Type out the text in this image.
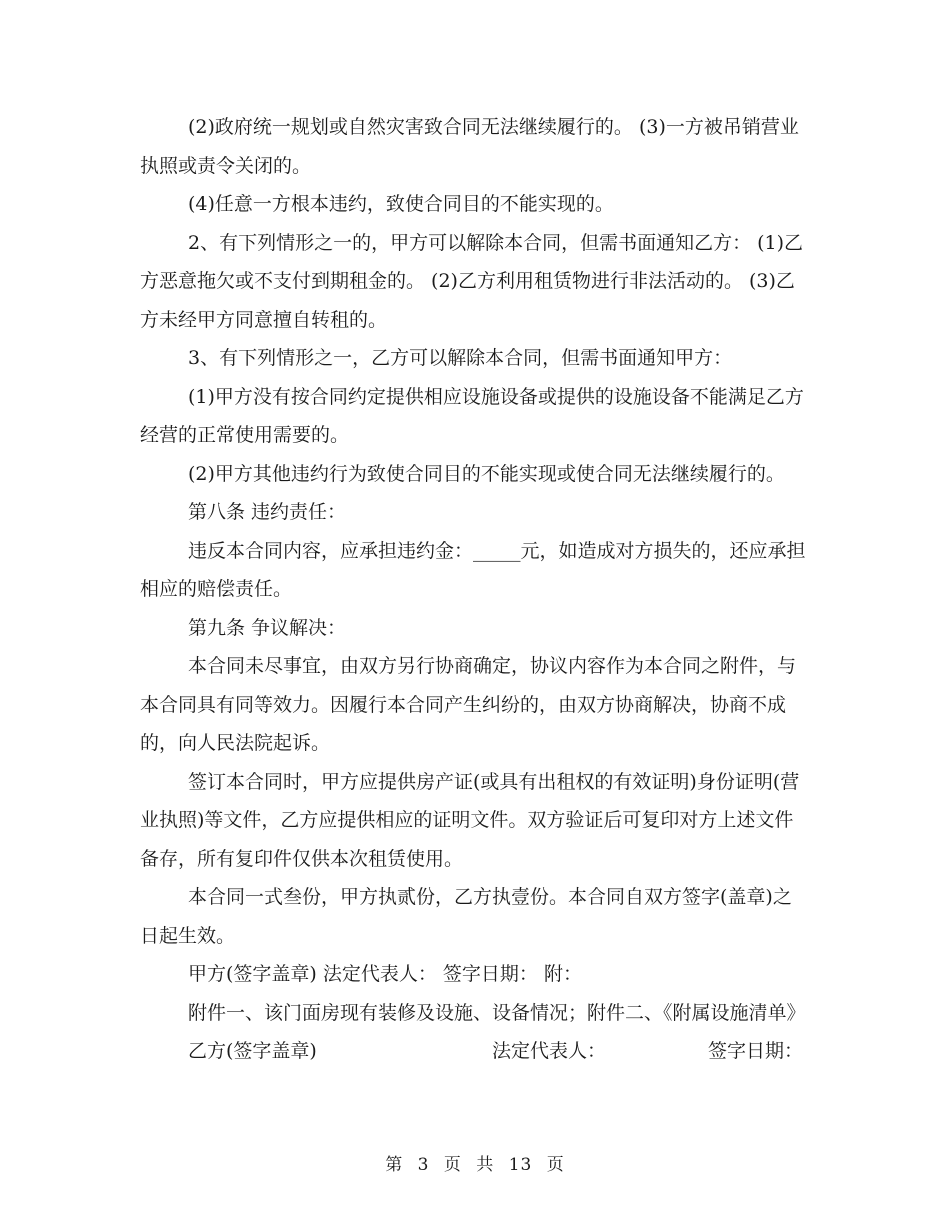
(2)政府统一规划或自然灾害致合同无法继续履行的。 (3)一方被吊销营业执照或责令关闭的。

(4)任意一方根本违约，致使合同目的不能实现的。

2、有下列情形之一的，甲方可以解除本合同，但需书面通知乙方： (1)乙方恶意拖欠或不支付到期租金的。 (2)乙方利用租赁物进行非法活动的。 (3)乙方未经甲方同意擅自转租的。

3、有下列情形之一，乙方可以解除本合同，但需书面通知甲方：

(1)甲方没有按合同约定提供相应设施设备或提供的设施设备不能满足乙方经营的正常使用需要的。

(2)甲方其他违约行为致使合同目的不能实现或使合同无法继续履行的。

第八条 违约责任：

违反本合同内容，应承担违约金：_____元，如造成对方损失的，还应承担相应的赔偿责任。

第九条 争议解决：

本合同未尽事宜，由双方另行协商确定，协议内容作为本合同之附件，与本合同具有同等效力。因履行本合同产生纠纷的，由双方协商解决，协商不成的，向人民法院起诉。

签订本合同时，甲方应提供房产证(或具有出租权的有效证明)身份证明(营业执照)等文件，乙方应提供相应的证明文件。双方验证后可复印对方上述文件备存，所有复印件仅供本次租赁使用。

本合同一式叁份，甲方执贰份，乙方执壹份。本合同自双方签字(盖章)之日起生效。

甲方(签字盖章) 法定代表人： 签字日期： 附：

附件一、该门面房现有装修及设施、设备情况；附件二、《附属设施清单》

乙方(签字盖章)	法定代表人：	签字日期：
第 3 页 共 13 页
